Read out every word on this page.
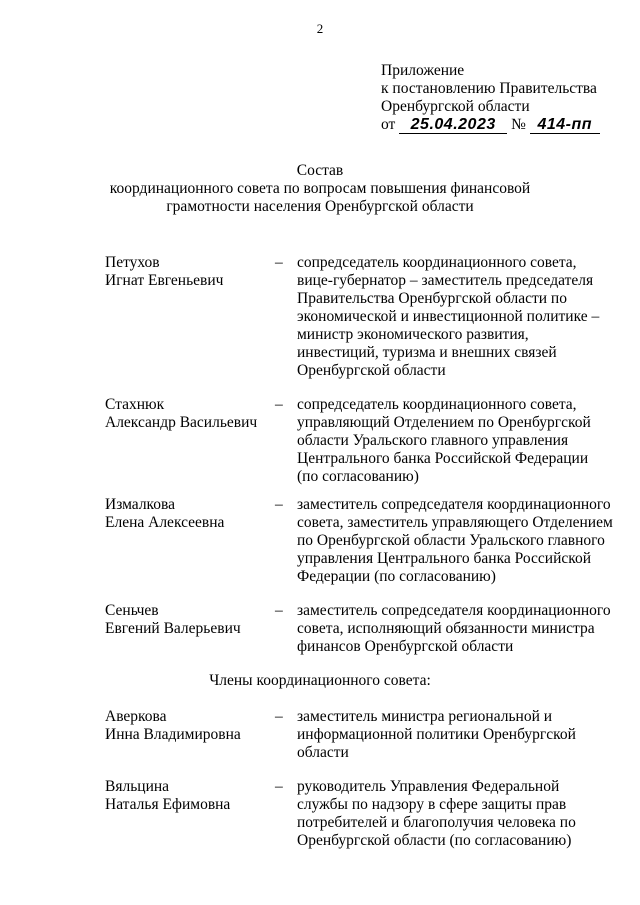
2
Приложение
к постановлению Правительства
Оренбургской области
от 25.04.2023 № 414-пп
Состав
координационного совета по вопросам повышения финансовой
грамотности населения Оренбургской области
Петухов
Игнат Евгеньевич
– сопредседатель координационного совета,
вице-губернатор – заместитель председателя
Правительства Оренбургской области по
экономической и инвестиционной политике –
министр экономического развития,
инвестиций, туризма и внешних связей
Оренбургской области
Стахнюк
Александр Васильевич
– сопредседатель координационного совета,
управляющий Отделением по Оренбургской
области Уральского главного управления
Центрального банка Российской Федерации
(по согласованию)
Измалкова
Елена Алексеевна
– заместитель сопредседателя координационного
совета, заместитель управляющего Отделением
по Оренбургской области Уральского главного
управления Центрального банка Российской
Федерации (по согласованию)
Сеньчев
Евгений Валерьевич
– заместитель сопредседателя координационного
совета, исполняющий обязанности министра
финансов Оренбургской области
Члены координационного совета:
Аверкова
Инна Владимировна
– заместитель министра региональной и
информационной политики Оренбургской
области
Вяльцина
Наталья Ефимовна
– руководитель Управления Федеральной
службы по надзору в сфере защиты прав
потребителей и благополучия человека по
Оренбургской области (по согласованию)
